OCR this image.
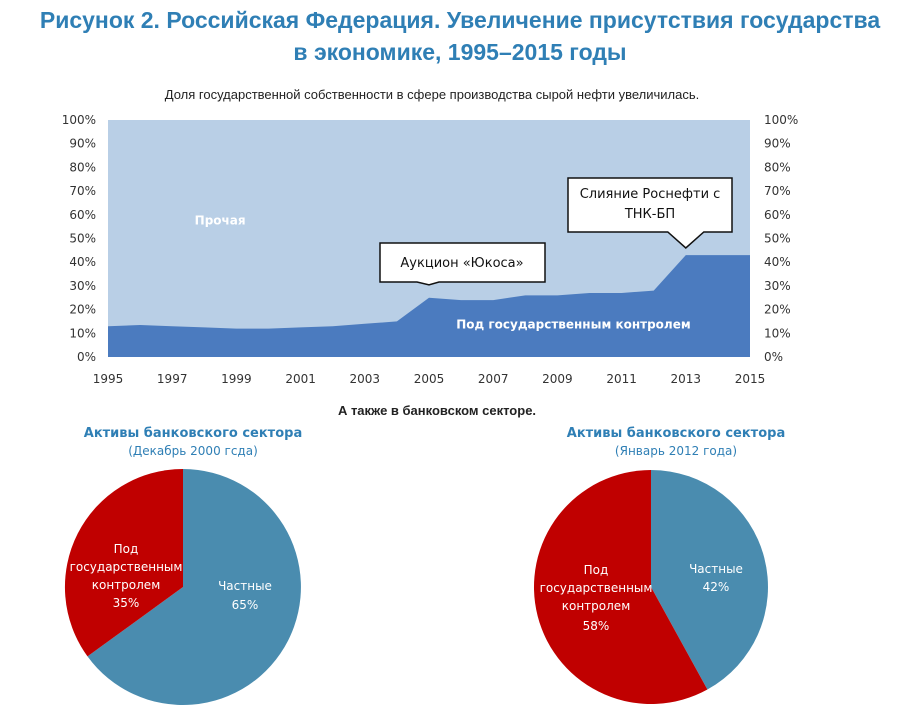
Рисунок 2. Российская Федерация. Увеличение присутствия государства
в экономике, 1995–2015 годы
Доля государственной собственности в сфере производства сырой нефти увеличилась.
Прочая
Под государственным контролем
0%
10%
20%
30%
40%
50%
60%
70%
80%
90%
100%
0%
10%
20%
30%
40%
50%
60%
70%
80%
90%
100%
1995	1997	1999	2001	2003	2005	2007	2009	2011	2013	2015
Аукцион «Юкоса»
Слияние Роснефти с
ТНК-БП
А также в банковском секторе.
Активы банковского сектора
(Декабрь 2000 гсда)
Частные
65%
Под
государственным
контролем
35%
Активы банковского сектора
(Январь 2012 года)
Частные
42%
Под
государственным
контролем
58%
